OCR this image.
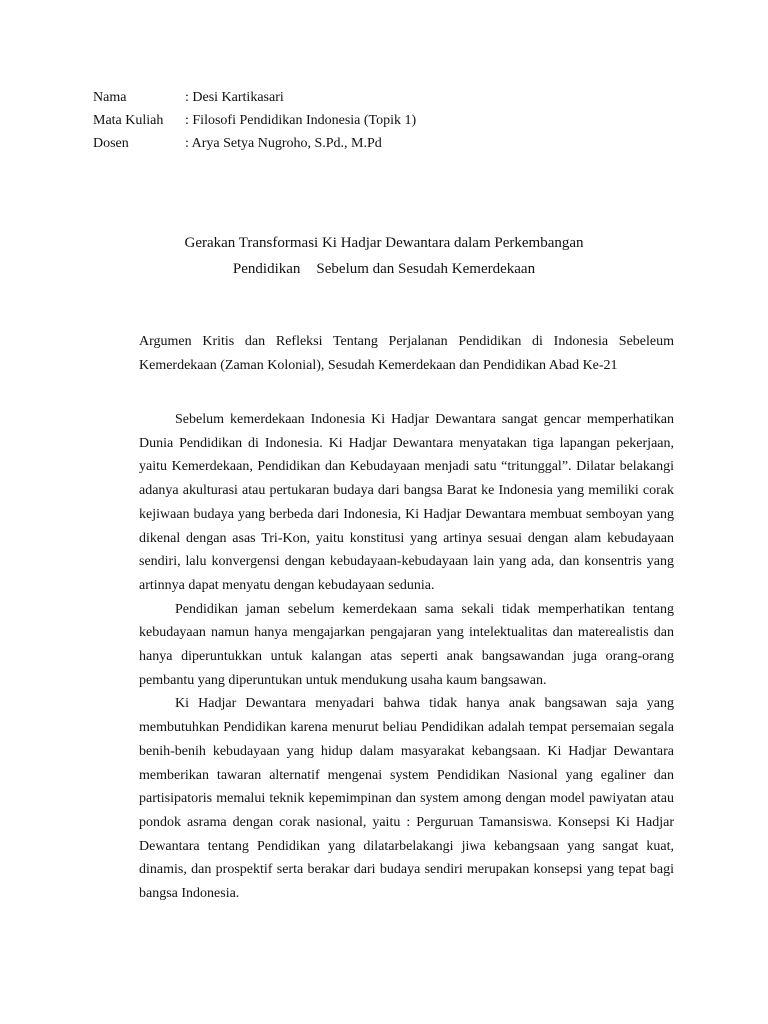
Nama	: Desi Kartikasari
Mata Kuliah	: Filosofi Pendidikan Indonesia (Topik 1)
Dosen	: Arya Setya Nugroho, S.Pd., M.Pd
Gerakan Transformasi Ki Hadjar Dewantara dalam Perkembangan
Pendidikan Sebelum dan Sesudah Kemerdekaan
Argumen Kritis dan Refleksi Tentang Perjalanan Pendidikan di Indonesia Sebeleum Kemerdekaan (Zaman Kolonial), Sesudah Kemerdekaan dan Pendidikan Abad Ke-21

Sebelum kemerdekaan Indonesia Ki Hadjar Dewantara sangat gencar memperhatikan Dunia Pendidikan di Indonesia. Ki Hadjar Dewantara menyatakan tiga lapangan pekerjaan, yaitu Kemerdekaan, Pendidikan dan Kebudayaan menjadi satu “tritunggal”. Dilatar belakangi adanya akulturasi atau pertukaran budaya dari bangsa Barat ke Indonesia yang memiliki corak kejiwaan budaya yang berbeda dari Indonesia, Ki Hadjar Dewantara membuat semboyan yang dikenal dengan asas Tri-Kon, yaitu konstitusi yang artinya sesuai dengan alam kebudayaan sendiri, lalu konvergensi dengan kebudayaan-kebudayaan lain yang ada, dan konsentris yang artinnya dapat menyatu dengan kebudayaan sedunia.

Pendidikan jaman sebelum kemerdekaan sama sekali tidak memperhatikan tentang kebudayaan namun hanya mengajarkan pengajaran yang intelektualitas dan materealistis dan hanya diperuntukkan untuk kalangan atas seperti anak bangsawandan juga orang-orang pembantu yang diperuntukan untuk mendukung usaha kaum bangsawan.

Ki Hadjar Dewantara menyadari bahwa tidak hanya anak bangsawan saja yang membutuhkan Pendidikan karena menurut beliau Pendidikan adalah tempat persemaian segala benih-benih kebudayaan yang hidup dalam masyarakat kebangsaan. Ki Hadjar Dewantara memberikan tawaran alternatif mengenai system Pendidikan Nasional yang egaliner dan partisipatoris memalui teknik kepemimpinan dan system among dengan model pawiyatan atau pondok asrama dengan corak nasional, yaitu : Perguruan Tamansiswa. Konsepsi Ki Hadjar Dewantara tentang Pendidikan yang dilatarbelakangi jiwa kebangsaan yang sangat kuat, dinamis, dan prospektif serta berakar dari budaya sendiri merupakan konsepsi yang tepat bagi bangsa Indonesia.
